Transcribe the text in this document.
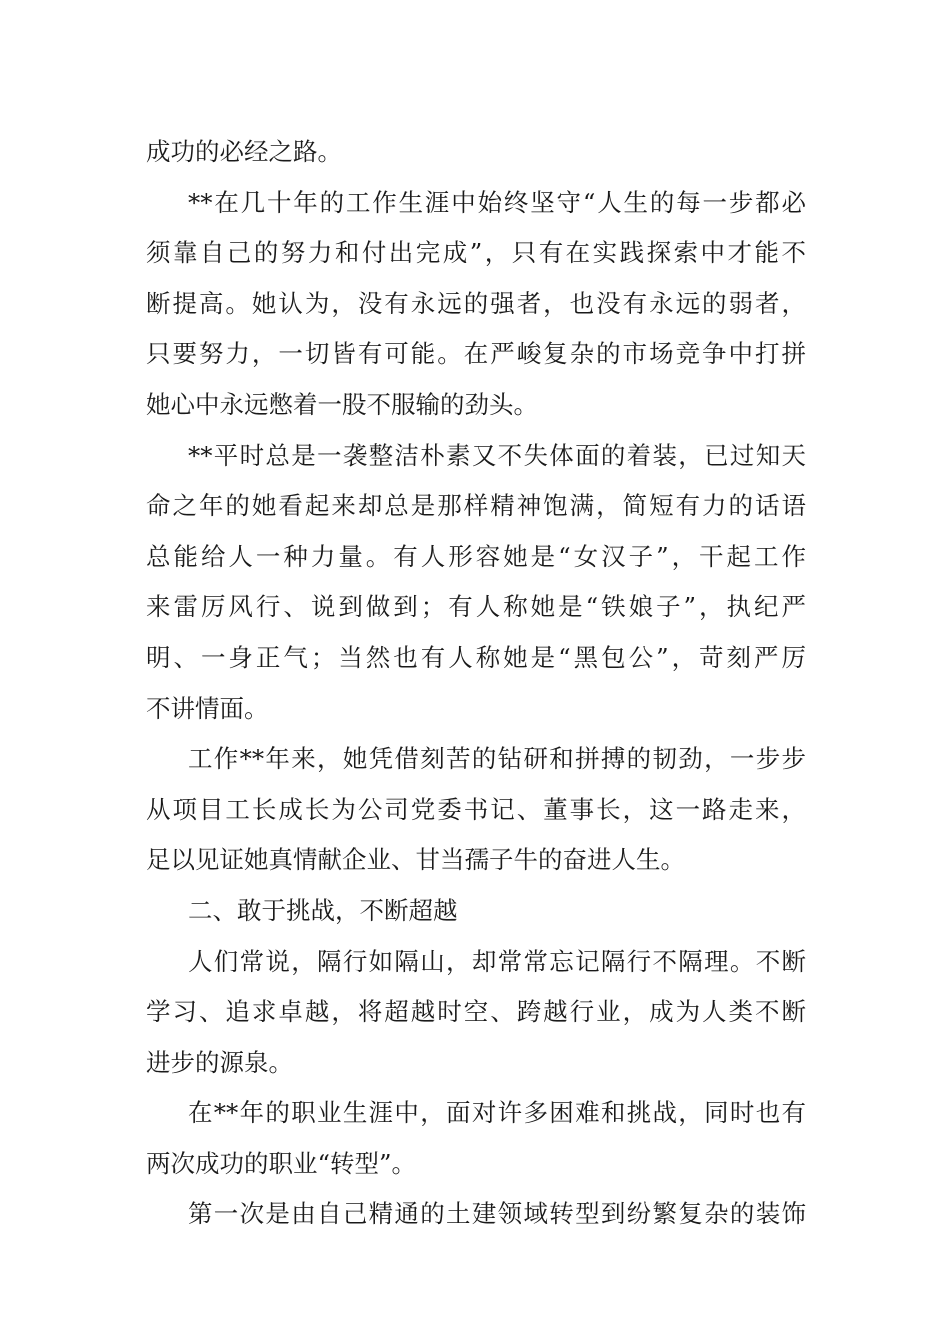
成功的必经之路。
**在几十年的工作生涯中始终坚守“人生的每一步都必
须靠自己的努力和付出完成”，只有在实践探索中才能不
断提高。她认为，没有永远的强者，也没有永远的弱者，
只要努力，一切皆有可能。在严峻复杂的市场竞争中打拼
她心中永远憋着一股不服输的劲头。
**平时总是一袭整洁朴素又不失体面的着装，已过知天
命之年的她看起来却总是那样精神饱满，简短有力的话语
总能给人一种力量。有人形容她是“女汉子”，干起工作
来雷厉风行、说到做到；有人称她是“铁娘子”，执纪严
明、一身正气；当然也有人称她是“黑包公”，苛刻严厉
不讲情面。
工作**年来，她凭借刻苦的钻研和拼搏的韧劲，一步步
从项目工长成长为公司党委书记、董事长，这一路走来，
足以见证她真情献企业、甘当孺子牛的奋进人生。
二、敢于挑战，不断超越
人们常说，隔行如隔山，却常常忘记隔行不隔理。不断
学习、追求卓越，将超越时空、跨越行业，成为人类不断
进步的源泉。
在**年的职业生涯中，面对许多困难和挑战，同时也有
两次成功的职业“转型”。
第一次是由自己精通的土建领域转型到纷繁复杂的装饰
